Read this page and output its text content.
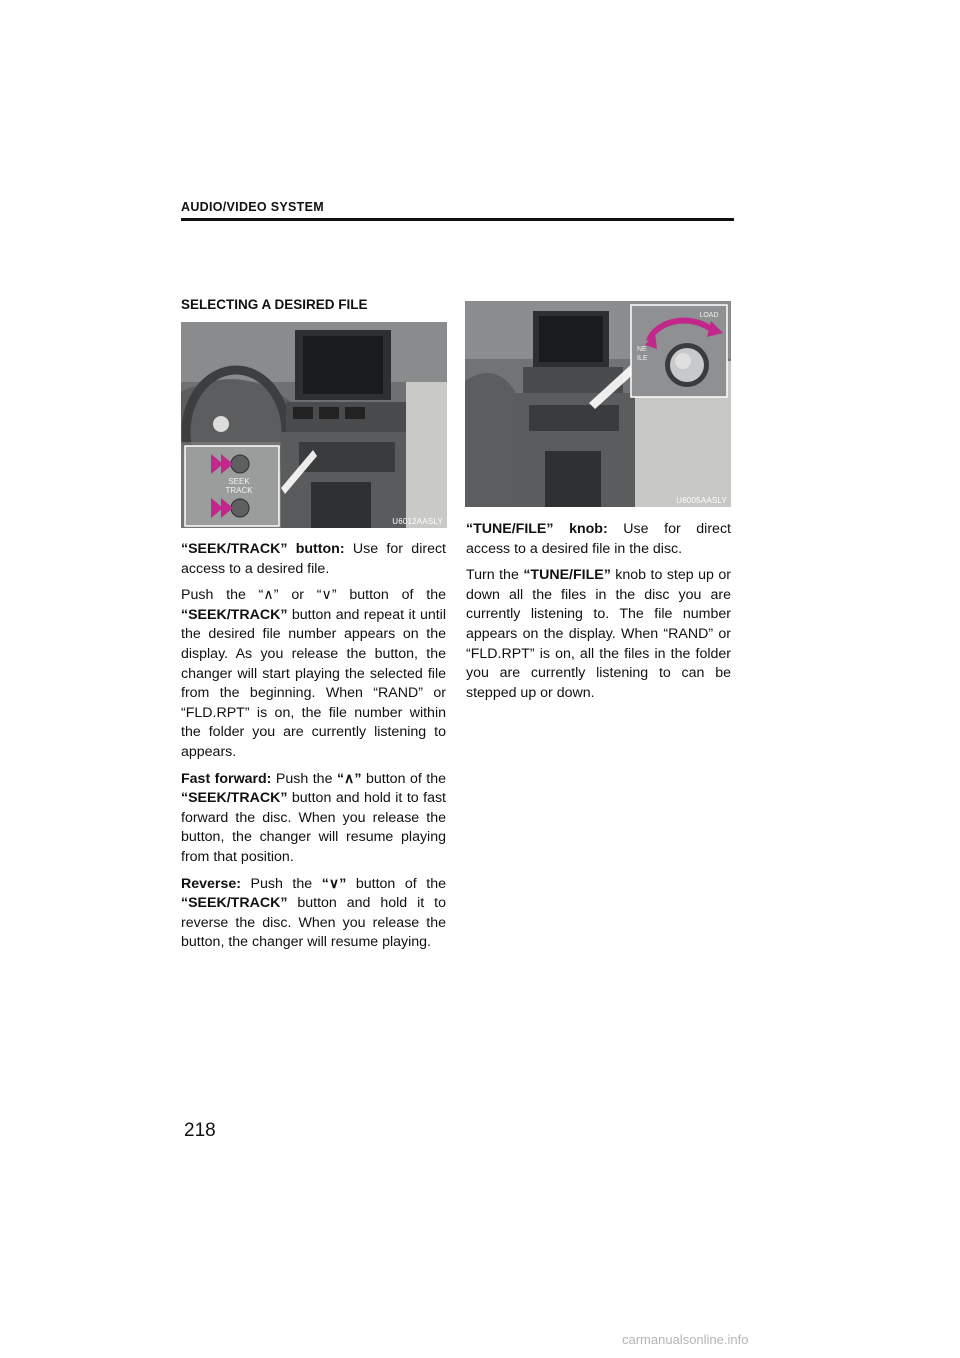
AUDIO/VIDEO SYSTEM
SELECTING A DESIRED FILE
SEEK
TRACK
U6012AASLY
LOAD
NE
ILE
U6005AASLY

“SEEK/TRACK” button: Use for direct access to a desired file.

Push the “∧” or “∨” button of the “SEEK/TRACK” button and repeat it until the desired file number appears on the display. As you release the button, the changer will start playing the selected file from the beginning. When “RAND” or “FLD.RPT” is on, the file number within the folder you are currently listening to appears.

Fast forward: Push the “∧” button of the “SEEK/TRACK” button and hold it to fast forward the disc. When you release the button, the changer will resume playing from that position.

Reverse: Push the “∨” button of the “SEEK/TRACK” button and hold it to reverse the disc. When you release the button, the changer will resume playing.

“TUNE/FILE” knob: Use for direct access to a desired file in the disc.

Turn the “TUNE/FILE” knob to step up or down all the files in the disc you are currently listening to. The file number appears on the display. When “RAND” or “FLD.RPT” is on, all the files in the folder you are currently listening to can be stepped up or down.

218
carmanualsonline.info
